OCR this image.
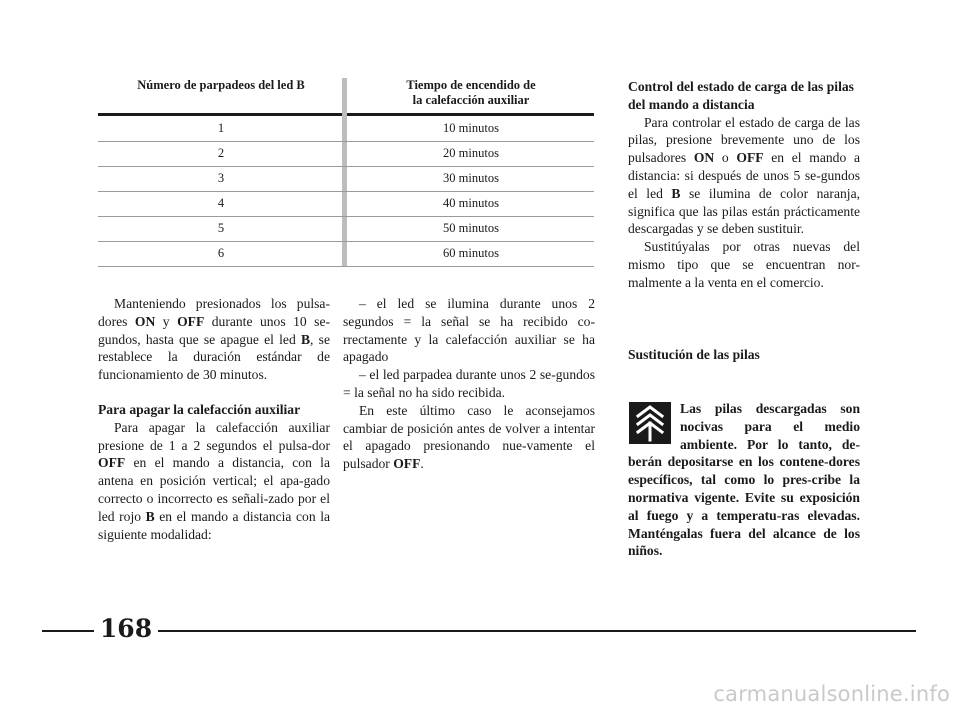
Número de parpadeos del led B	Tiempo de encendido de
la calefacción auxiliar
1	10 minutos
2	20 minutos
3	30 minutos
4	40 minutos
5	50 minutos
6	60 minutos

Manteniendo presionados los pulsa-dores ON y OFF durante unos 10 se-gundos, hasta que se apague el led B, se restablece la duración estándar de funcionamiento de 30 minutos.

Para apagar la calefacción auxiliar

Para apagar la calefacción auxiliar presione de 1 a 2 segundos el pulsa-dor OFF en el mando a distancia, con la antena en posición vertical; el apa-gado correcto o incorrecto es señali-zado por el led rojo B en el mando a distancia con la siguiente modalidad:

– el led se ilumina durante unos 2 segundos = la señal se ha recibido co-rrectamente y la calefacción auxiliar se ha apagado

– el led parpadea durante unos 2 se-gundos = la señal no ha sido recibida.

En este último caso le aconsejamos cambiar de posición antes de volver a intentar el apagado presionando nue-vamente el pulsador OFF.

Control del estado de carga de las pilas del mando a distancia

Para controlar el estado de carga de las pilas, presione brevemente uno de los pulsadores ON o OFF en el mando a distancia: si después de unos 5 se-gundos el led B se ilumina de color naranja, significa que las pilas están prácticamente descargadas y se deben sustituir.

Sustitúyalas por otras nuevas del mismo tipo que se encuentran nor-malmente a la venta en el comercio.

Sustitución de las pilas

Las pilas descargadas son nocivas para el medio ambiente. Por lo tanto, de-berán depositarse en los contene-dores específicos, tal como lo pres-cribe la normativa vigente. Evite su exposición al fuego y a temperatu-ras elevadas. Manténgalas fuera del alcance de los niños.
168
carmanualsonline.info
